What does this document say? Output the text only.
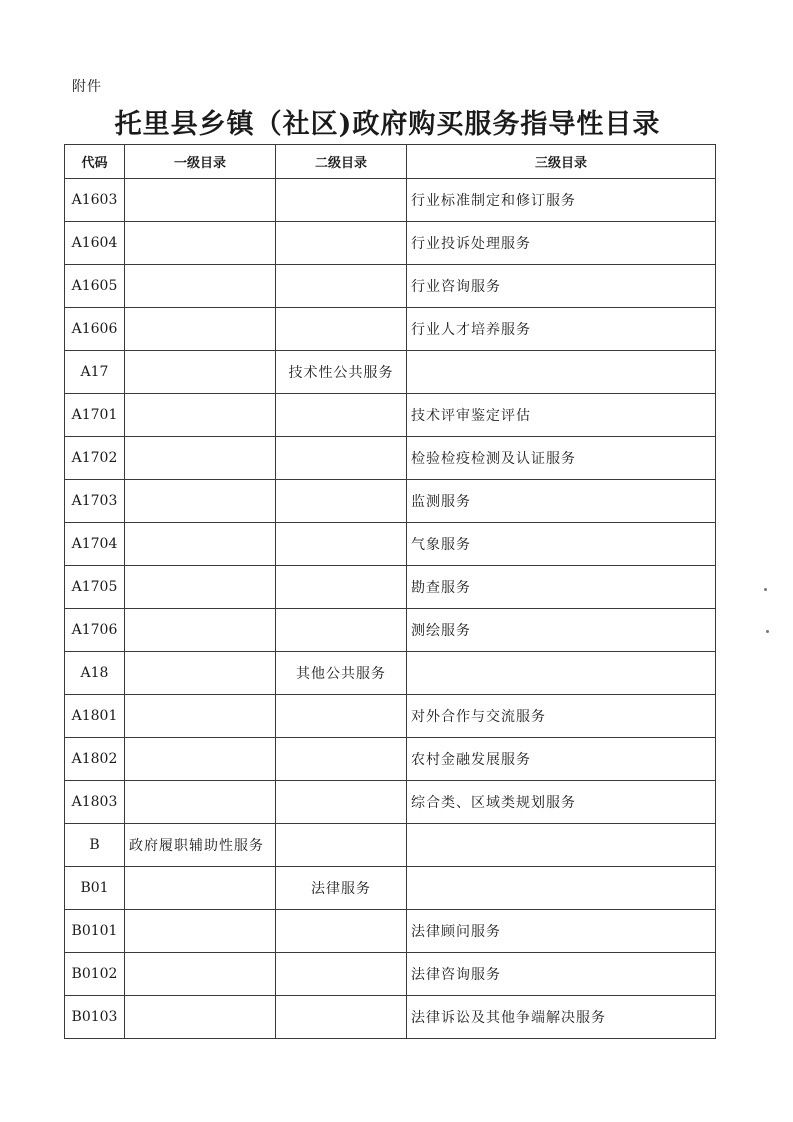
附件
托里县乡镇（社区)政府购买服务指导性目录
代码	一级目录	二级目录	三级目录
A1603			行业标准制定和修订服务
A1604			行业投诉处理服务
A1605			行业咨询服务
A1606			行业人才培养服务
A17		技术性公共服务	
A1701			技术评审鉴定评估
A1702			检验检疫检测及认证服务
A1703			监测服务
A1704			气象服务
A1705			勘查服务
A1706			测绘服务
A18		其他公共服务	
A1801			对外合作与交流服务
A1802			农村金融发展服务
A1803			综合类、区域类规划服务
B	政府履职辅助性服务		
B01		法律服务	
B0101			法律顾问服务
B0102			法律咨询服务
B0103			法律诉讼及其他争端解决服务
